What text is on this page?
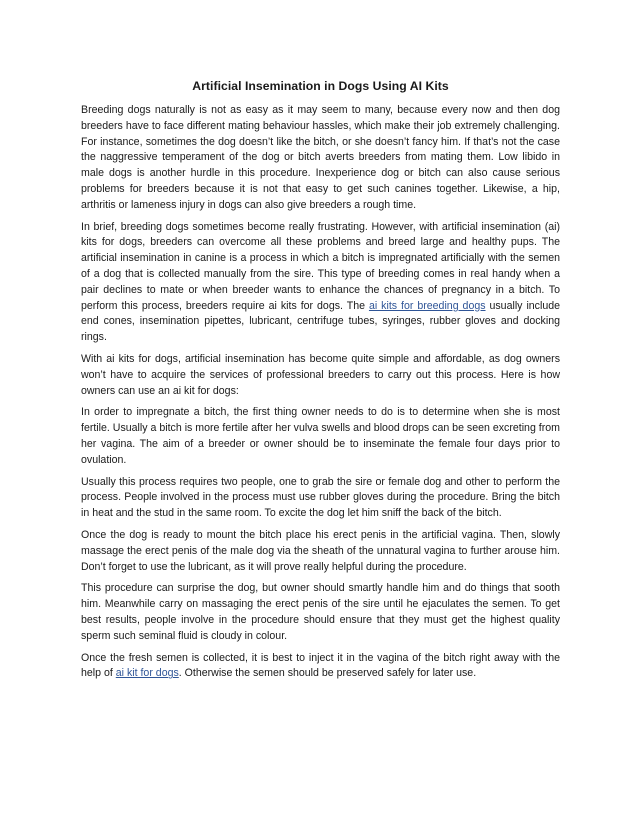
Artificial Insemination in Dogs Using AI Kits

Breeding dogs naturally is not as easy as it may seem to many, because every now and then dog breeders have to face different mating behaviour hassles, which make their job extremely challenging. For instance, sometimes the dog doesn’t like the bitch, or she doesn’t fancy him. If that’s not the case the naggressive temperament of the dog or bitch averts breeders from mating them. Low libido in male dogs is another hurdle in this procedure. Inexperience dog or bitch can also cause serious problems for breeders because it is not that easy to get such canines together. Likewise, a hip, arthritis or lameness injury in dogs can also give breeders a rough time.

In brief, breeding dogs sometimes become really frustrating. However, with artificial insemination (ai) kits for dogs, breeders can overcome all these problems and breed large and healthy pups. The artificial insemination in canine is a process in which a bitch is impregnated artificially with the semen of a dog that is collected manually from the sire. This type of breeding comes in real handy when a pair declines to mate or when breeder wants to enhance the chances of pregnancy in a bitch. To perform this process, breeders require ai kits for dogs. The ai kits for breeding dogs usually include end cones, insemination pipettes, lubricant, centrifuge tubes, syringes, rubber gloves and docking rings.

With ai kits for dogs, artificial insemination has become quite simple and affordable, as dog owners won’t have to acquire the services of professional breeders to carry out this process. Here is how owners can use an ai kit for dogs:

In order to impregnate a bitch, the first thing owner needs to do is to determine when she is most fertile. Usually a bitch is more fertile after her vulva swells and blood drops can be seen excreting from her vagina. The aim of a breeder or owner should be to inseminate the female four days prior to ovulation.

Usually this process requires two people, one to grab the sire or female dog and other to perform the process. People involved in the process must use rubber gloves during the procedure. Bring the bitch in heat and the stud in the same room. To excite the dog let him sniff the back of the bitch.

Once the dog is ready to mount the bitch place his erect penis in the artificial vagina. Then, slowly massage the erect penis of the male dog via the sheath of the unnatural vagina to further arouse him. Don’t forget to use the lubricant, as it will prove really helpful during the procedure.

This procedure can surprise the dog, but owner should smartly handle him and do things that sooth him. Meanwhile carry on massaging the erect penis of the sire until he ejaculates the semen. To get best results, people involve in the procedure should ensure that they must get the highest quality sperm such seminal fluid is cloudy in colour.

Once the fresh semen is collected, it is best to inject it in the vagina of the bitch right away with the help of ai kit for dogs. Otherwise the semen should be preserved safely for later use.
